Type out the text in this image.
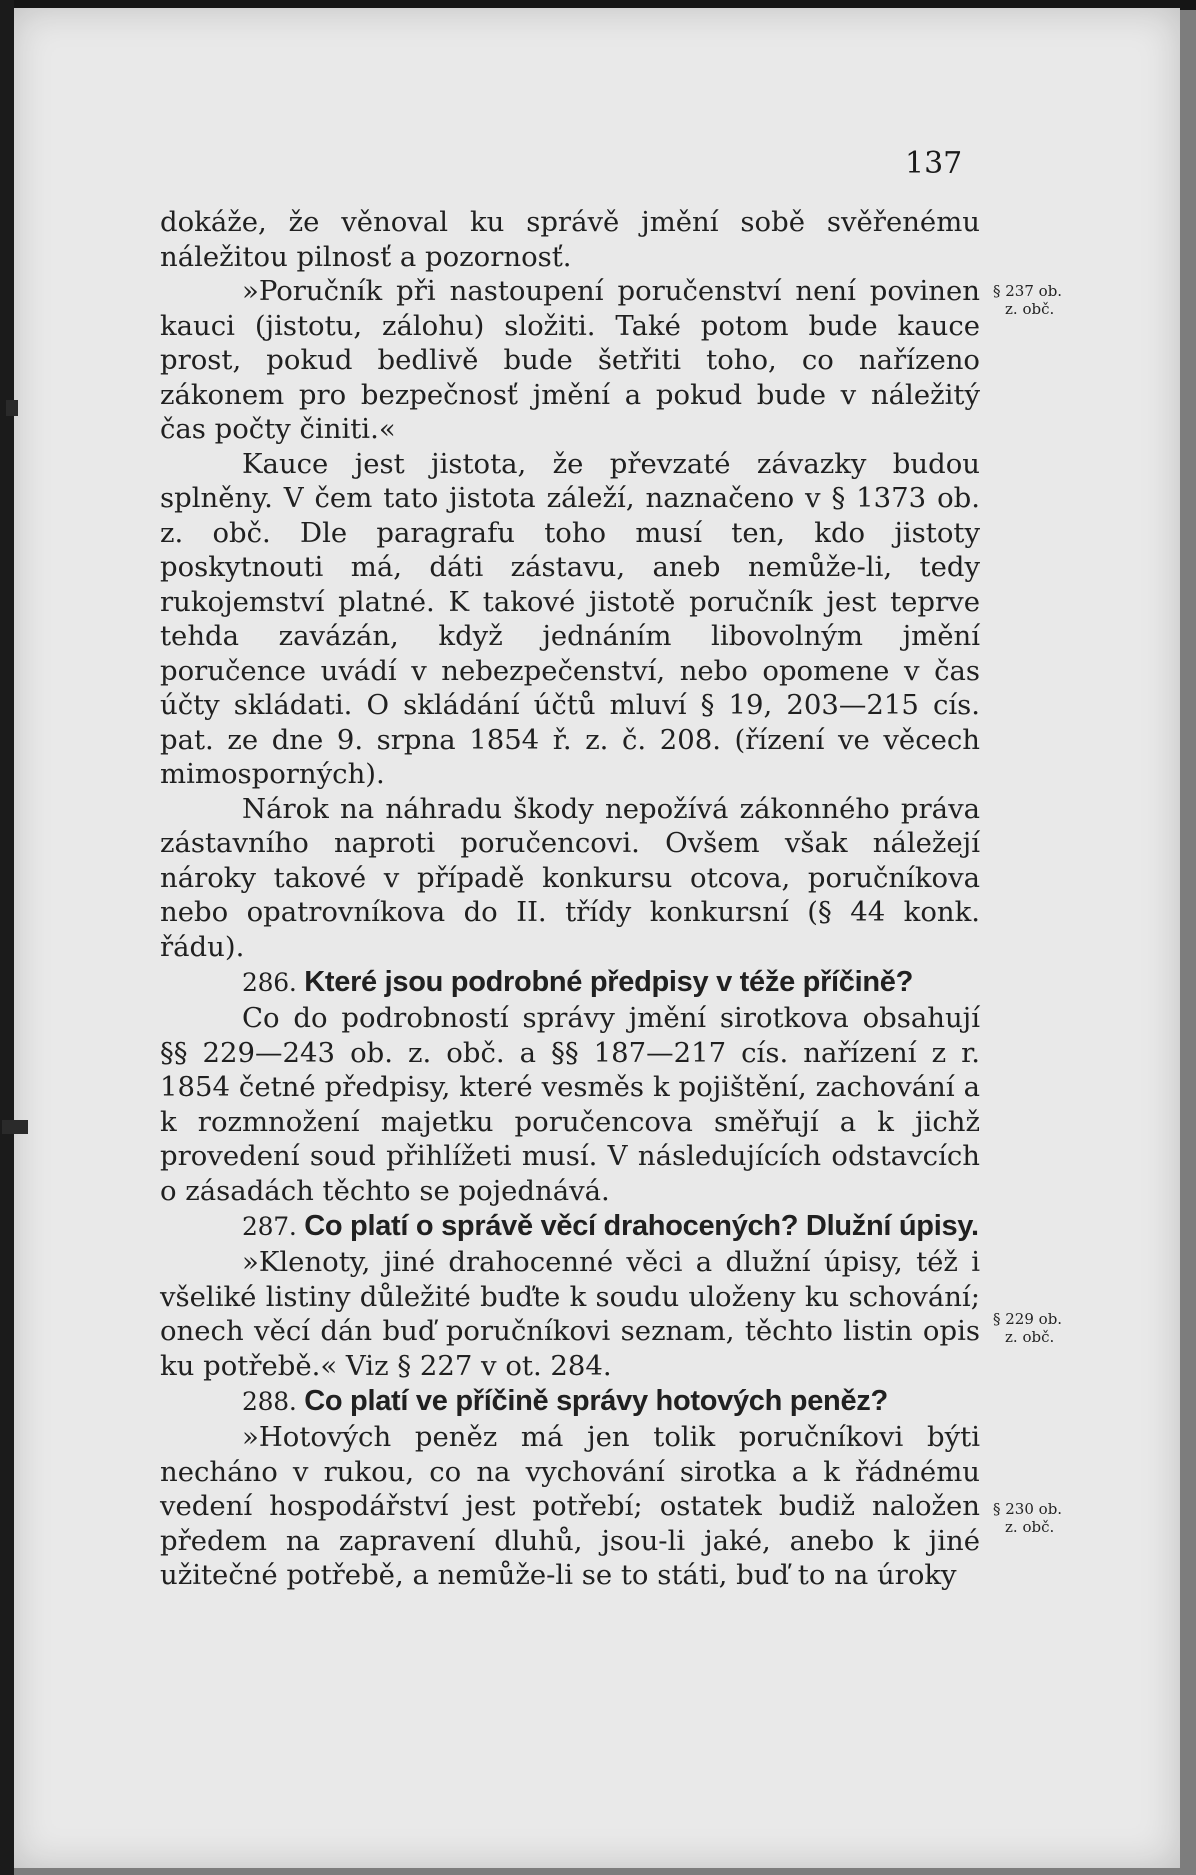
137

dokáže, že věnoval ku správě jmění sobě svěřenému náležitou pilnosť a pozornosť.

»Poručník při nastoupení poručenství není povinen kauci (jistotu, zálohu) složiti. Také potom bude kauce prost, pokud bedlivě bude šetřiti toho, co nařízeno zákonem pro bezpečnosť jmění a pokud bude v náležitý čas počty činiti.«

Kauce jest jistota, že převzaté závazky budou splněny. V čem tato jistota záleží, naznačeno v § 1373 ob. z. obč. Dle paragrafu toho musí ten, kdo jistoty poskytnouti má, dáti zástavu, aneb nemůže-li, tedy rukojemství platné. K takové jistotě poručník jest teprve tehda zavázán, když jednáním libovolným jmění poručence uvádí v nebezpečenství, nebo opomene v čas účty skládati. O skládání účtů mluví § 19, 203—215 cís. pat. ze dne 9. srpna 1854 ř. z. č. 208. (řízení ve věcech mimosporných).

Nárok na náhradu škody nepožívá zákonného práva zástavního naproti poručencovi. Ovšem však náležejí nároky takové v případě konkursu otcova, poručníkova nebo opatrovníkova do II. třídy konkursní (§ 44 konk. řádu).

286. Které jsou podrobné předpisy v téže příčině?

Co do podrobností správy jmění sirotkova obsahují §§ 229—243 ob. z. obč. a §§ 187—217 cís. nařízení z r. 1854 četné předpisy, které vesměs k pojištění, zachování a k rozmnožení majetku poručencova směřují a k jichž provedení soud přihlížeti musí. V následujících odstavcích o zásadách těchto se pojednává.

287. Co platí o správě věcí drahocených? Dlužní úpisy.

»Klenoty, jiné drahocenné věci a dlužní úpisy, též i všeliké listiny důležité buďte k soudu uloženy ku schování; onech věcí dán buď poručníkovi seznam, těchto listin opis ku potřebě.« Viz § 227 v ot. 284.

288. Co platí ve příčině správy hotových peněz?

»Hotových peněz má jen tolik poručníkovi býti necháno v rukou, co na vychování sirotka a k řádnému vedení hospodářství jest potřebí; ostatek budiž naložen předem na zapravení dluhů, jsou-li jaké, anebo k jiné užitečné potřebě, a nemůže-li se to státi, buď to na úroky

§ 237 ob.
z. obč.
§ 229 ob.
z. obč.
§ 230 ob.
z. obč.
